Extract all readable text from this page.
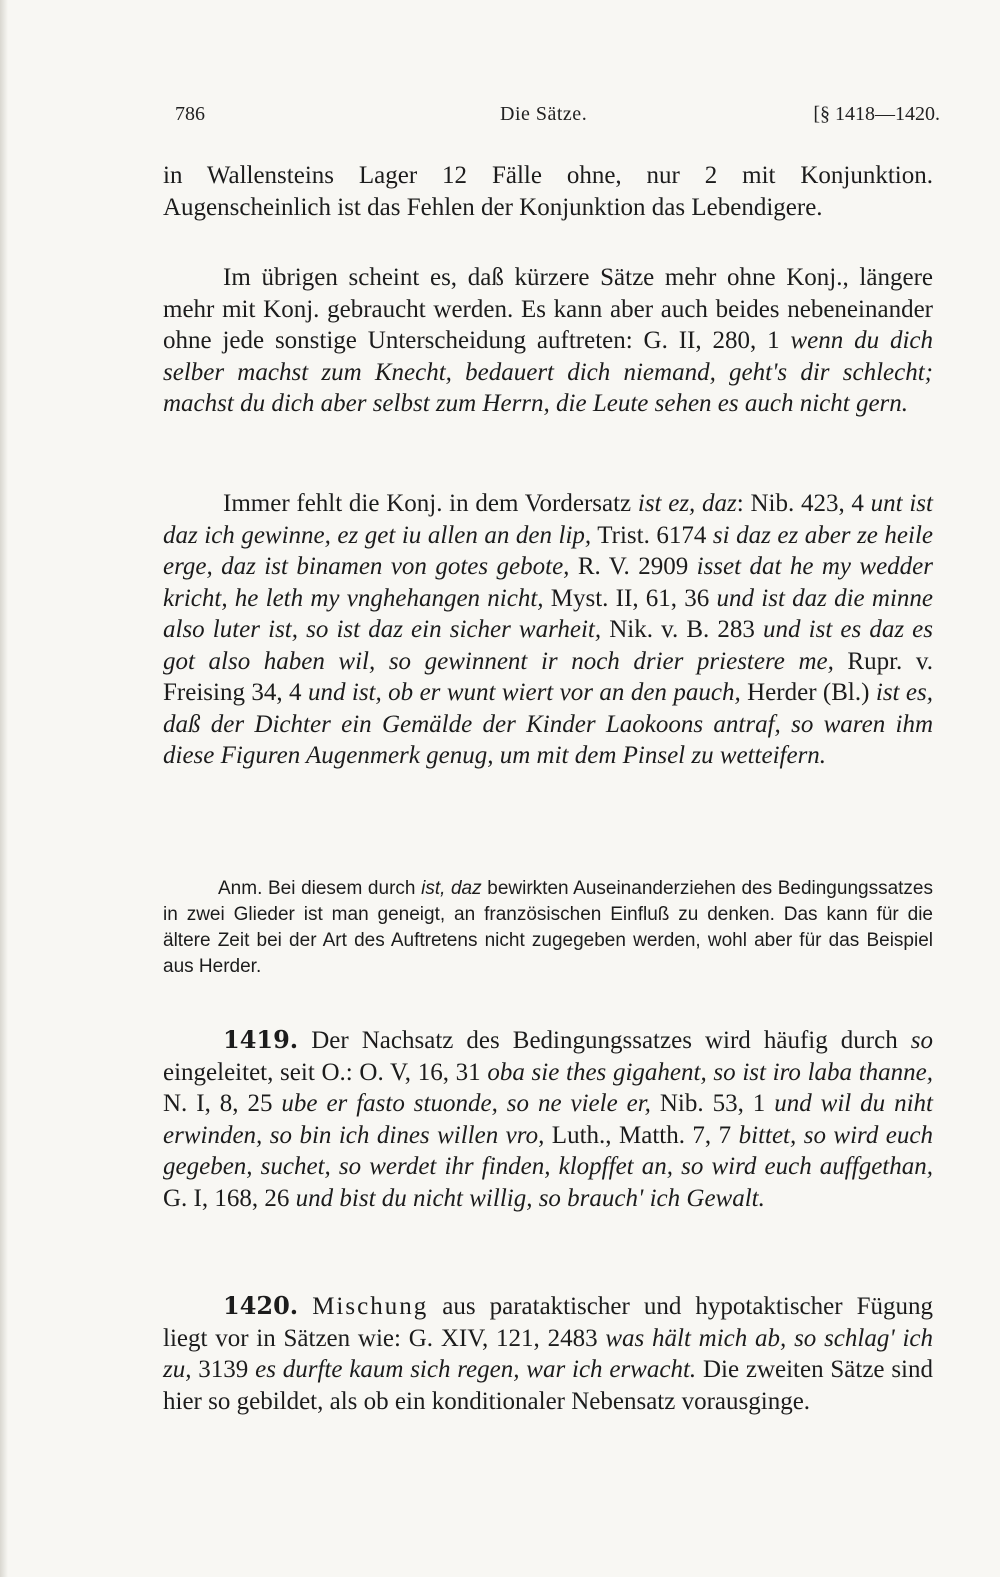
786	Die Sätze.	[§ 1418—1420.

in Wallensteins Lager 12 Fälle ohne, nur 2 mit Konjunktion. Augenscheinlich ist das Fehlen der Konjunktion das Lebendigere.

Im übrigen scheint es, daß kürzere Sätze mehr ohne Konj., längere mehr mit Konj. gebraucht werden. Es kann aber auch beides nebeneinander ohne jede sonstige Unterscheidung auftreten: G. II, 280, 1 wenn du dich selber machst zum Knecht, bedauert dich niemand, geht's dir schlecht; machst du dich aber selbst zum Herrn, die Leute sehen es auch nicht gern.

Immer fehlt die Konj. in dem Vordersatz ist ez, daz: Nib. 423, 4 unt ist daz ich gewinne, ez get iu allen an den lip, Trist. 6174 si daz ez aber ze heile erge, daz ist binamen von gotes gebote, R. V. 2909 isset dat he my wedder kricht, he leth my vnghehangen nicht, Myst. II, 61, 36 und ist daz die minne also luter ist, so ist daz ein sicher warheit, Nik. v. B. 283 und ist es daz es got also haben wil, so gewinnent ir noch drier priestere me, Rupr. v. Freising 34, 4 und ist, ob er wunt wiert vor an den pauch, Herder (Bl.) ist es, daß der Dichter ein Gemälde der Kinder Laokoons antraf, so waren ihm diese Figuren Augenmerk genug, um mit dem Pinsel zu wetteifern.

Anm. Bei diesem durch ist, daz bewirkten Auseinanderziehen des Bedingungssatzes in zwei Glieder ist man geneigt, an französischen Einfluß zu denken. Das kann für die ältere Zeit bei der Art des Auftretens nicht zugegeben werden, wohl aber für das Beispiel aus Herder.

1419. Der Nachsatz des Bedingungssatzes wird häufig durch so eingeleitet, seit O.: O. V, 16, 31 oba sie thes gigahent, so ist iro laba thanne, N. I, 8, 25 ube er fasto stuonde, so ne viele er, Nib. 53, 1 und wil du niht erwinden, so bin ich dines willen vro, Luth., Matth. 7, 7 bittet, so wird euch gegeben, suchet, so werdet ihr finden, klopffet an, so wird euch auffgethan, G. I, 168, 26 und bist du nicht willig, so brauch' ich Gewalt.

1420. Mischung aus parataktischer und hypotaktischer Fügung liegt vor in Sätzen wie: G. XIV, 121, 2483 was hält mich ab, so schlag' ich zu, 3139 es durfte kaum sich regen, war ich erwacht. Die zweiten Sätze sind hier so gebildet, als ob ein konditionaler Nebensatz vorausginge.
